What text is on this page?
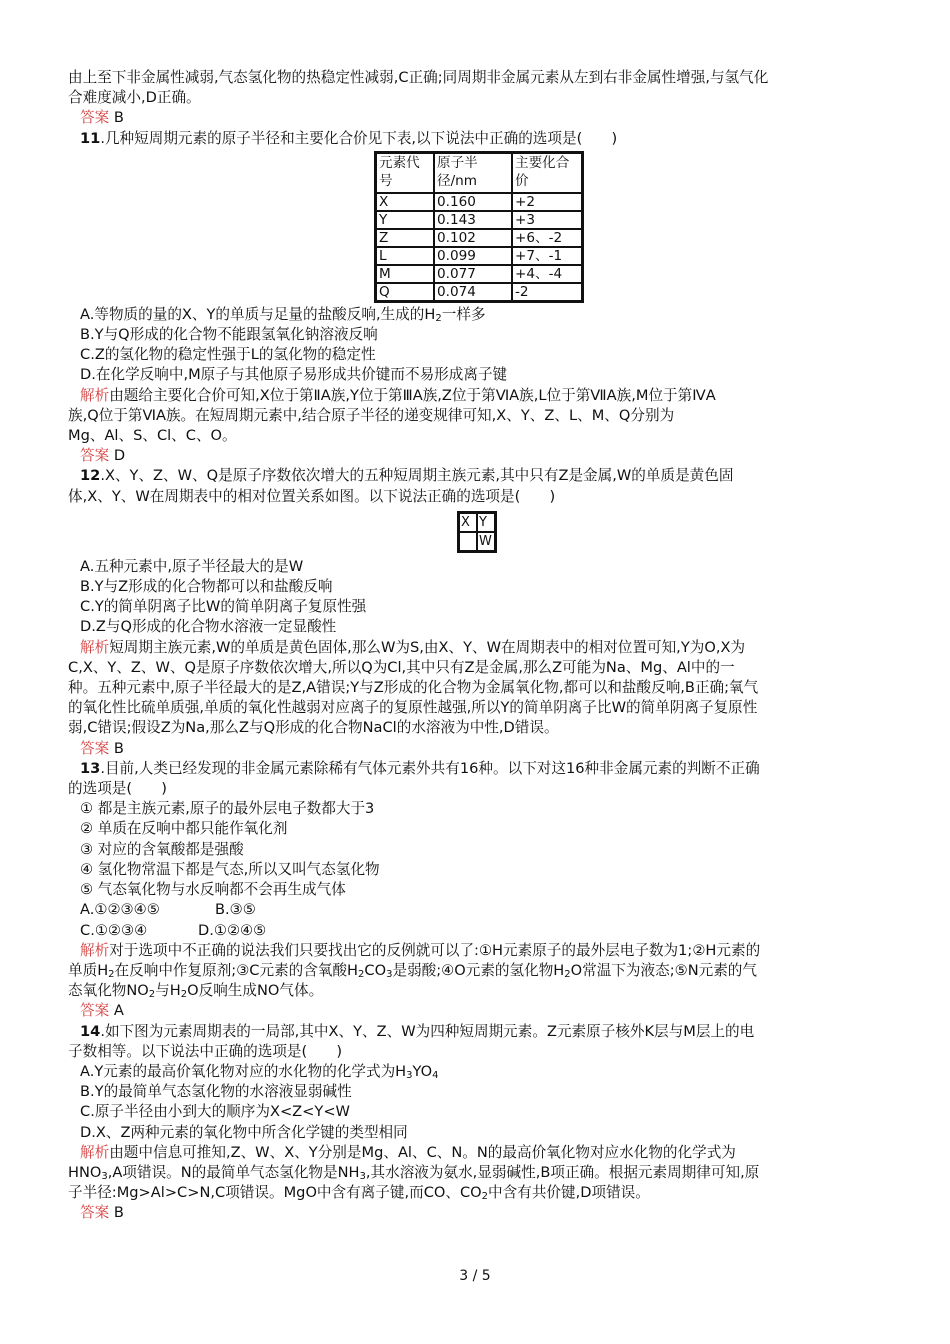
由上至下非金属性减弱,气态氢化物的热稳定性减弱,C正确;同周期非金属元素从左到右非金属性增强,与氢气化
合难度减小,D正确。
答案 B
11.几种短周期元素的原子半径和主要化合价见下表,以下说法中正确的选项是(　　)
元素代号	原子半径/nm	主要化合价
X	0.160	+2
Y	0.143	+3
Z	0.102	+6、-2
L	0.099	+7、-1
M	0.077	+4、-4
Q	0.074	-2
A.等物质的量的X、Y的单质与足量的盐酸反响,生成的$H_2$一样多
B.Y与Q形成的化合物不能跟氢氧化钠溶液反响
C.Z的氢化物的稳定性强于L的氢化物的稳定性
D.在化学反响中,M原子与其他原子易形成共价键而不易形成离子键
解析由题给主要化合价可知,X位于第ⅡA族,Y位于第ⅢA族,Z位于第ⅥA族,L位于第ⅦA族,M位于第ⅣA
族,Q位于第ⅥA族。在短周期元素中,结合原子半径的递变规律可知,X、Y、Z、L、M、Q分别为
Mg、Al、S、Cl、C、O。
答案 D
12.X、Y、Z、W、Q是原子序数依次增大的五种短周期主族元素,其中只有Z是金属,W的单质是黄色固
体,X、Y、W在周期表中的相对位置关系如图。以下说法正确的选项是(　　)
X	Y
	W
A.五种元素中,原子半径最大的是W
B.Y与Z形成的化合物都可以和盐酸反响
C.Y的简单阴离子比W的简单阴离子复原性强
D.Z与Q形成的化合物水溶液一定显酸性
解析短周期主族元素,W的单质是黄色固体,那么W为S,由X、Y、W在周期表中的相对位置可知,Y为O,X为
C,X、Y、Z、W、Q是原子序数依次增大,所以Q为Cl,其中只有Z是金属,那么Z可能为Na、Mg、Al中的一
种。五种元素中,原子半径最大的是Z,A错误;Y与Z形成的化合物为金属氧化物,都可以和盐酸反响,B正确;氧气
的氧化性比硫单质强,单质的氧化性越弱对应离子的复原性越强,所以Y的简单阴离子比W的简单阴离子复原性
弱,C错误;假设Z为Na,那么Z与Q形成的化合物NaCl的水溶液为中性,D错误。
答案 B
13.目前,人类已经发现的非金属元素除稀有气体元素外共有16种。以下对这16种非金属元素的判断不正确
的选项是(　　)
① 都是主族元素,原子的最外层电子数都大于3
② 单质在反响中都只能作氧化剂
③ 对应的含氧酸都是强酸
④ 氢化物常温下都是气态,所以又叫气态氢化物
⑤ 气态氧化物与水反响都不会再生成气体
A.①②③④⑤	B.③⑤
C.①②③④	D.①②④⑤
解析对于选项中不正确的说法我们只要找出它的反例就可以了:①H元素原子的最外层电子数为1;②H元素的
单质$H_2$在反响中作复原剂;③C元素的含氧酸$H_2CO_3$是弱酸;④O元素的氢化物$H_2O$常温下为液态;⑤N元素的气
态氧化物$NO_2$与$H_2O$反响生成NO气体。
答案 A
14.如下图为元素周期表的一局部,其中X、Y、Z、W为四种短周期元素。Z元素原子核外K层与M层上的电
子数相等。以下说法中正确的选项是(　　)
A.Y元素的最高价氧化物对应的水化物的化学式为$H_3YO_4$
B.Y的最简单气态氢化物的水溶液显弱碱性
C.原子半径由小到大的顺序为X<Z<Y<W
D.X、Z两种元素的氧化物中所含化学键的类型相同
解析由题中信息可推知,Z、W、X、Y分别是Mg、Al、C、N。N的最高价氧化物对应水化物的化学式为
$HNO_3,A$项错误。N的最简单气态氢化物是$NH_3$,其水溶液为氨水,显弱碱性,B项正确。根据元素周期律可知,原
子半径:Mg>Al>C>N,C项错误。MgO中含有离子键,而CO、$CO_2$中含有共价键,D项错误。
答案 B
3 / 5
